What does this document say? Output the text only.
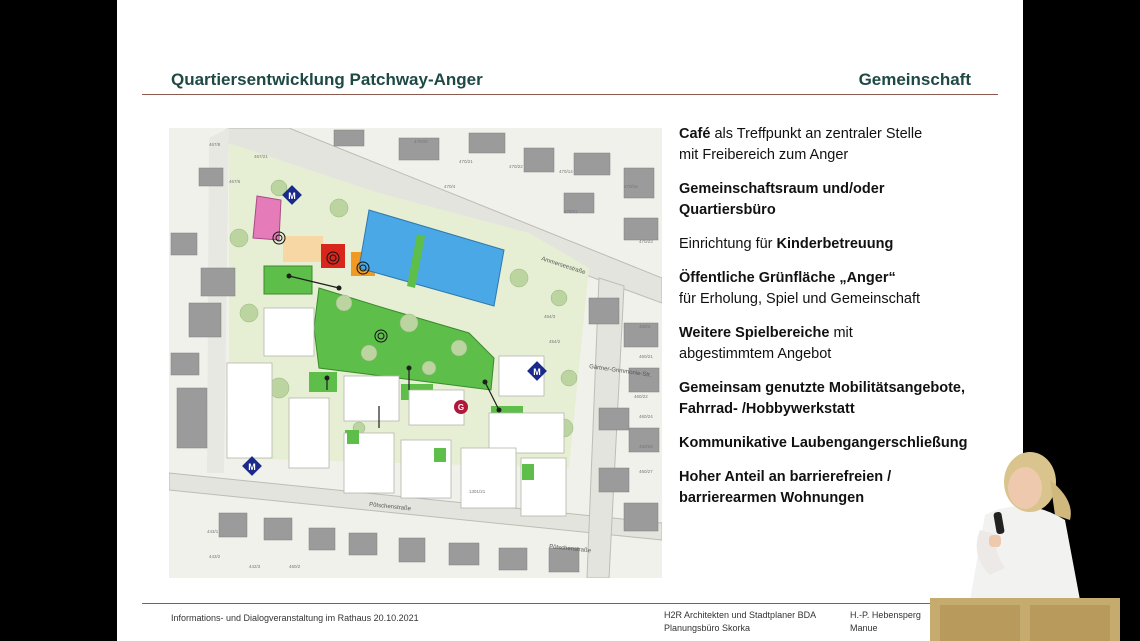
Quartiersentwicklung Patchway-Anger	Gemeinschaft
M
M
M
G
Ammerseestraße
Gärtner-Grimmonie-Str.
Pötschenstraße
Pötschenstraße
467/8
467/6
467/21
470/20
470/21
470/4
470/22
470/14
470/11
470/16
470/23
454/3
454/2
460/4
460/21
460/22
460/24
460/26
460/27
1301/21
443/1
443/2
442/3	460/2
Café als Treffpunkt an zentraler Stelle
mit Freibereich zum Anger
Gemeinschaftsraum und/oder
Quartiersbüro
Einrichtung für Kinderbetreuung
Öffentliche Grünfläche „Anger“
für Erholung, Spiel und Gemeinschaft
Weitere Spielbereiche mit
abgestimmtem Angebot
Gemeinsam genutzte Mobilitätsangebote,
Fahrrad- /Hobbywerkstatt
Kommunikative Laubengangerschließung
Hoher Anteil an barrierefreien /
barrierearmen Wohnungen
Informations- und Dialogveranstaltung im Rathaus 20.10.2021	H2R Architekten und Stadtplaner BDA
Planungsbüro Skorka
H.-P. Hebensperg
Manue
